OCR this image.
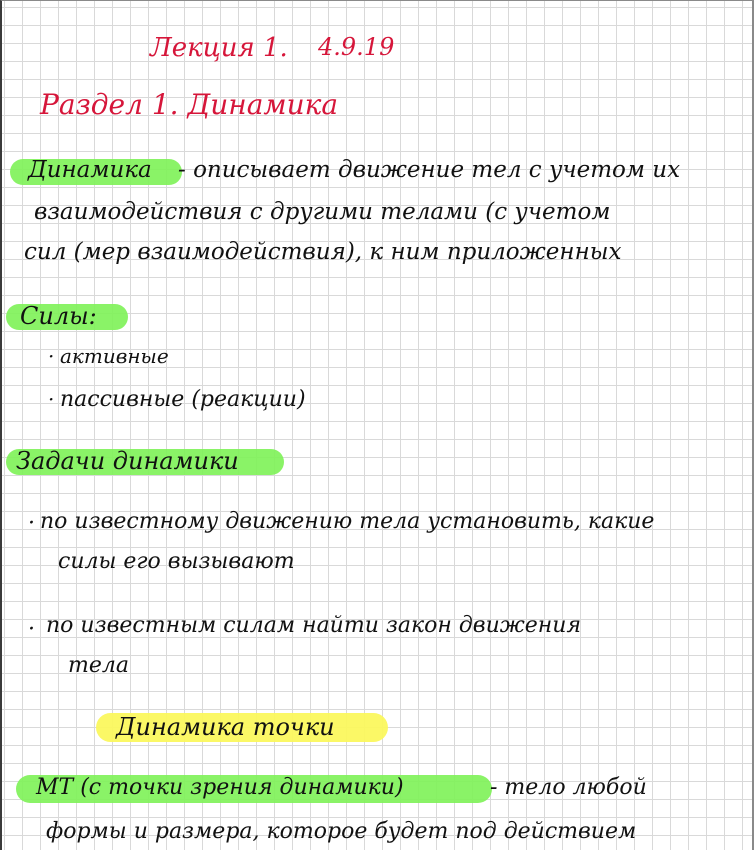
Лекция 1. 4.9.19
Раздел 1. Динамика
Динамика - описывает движение тел с учетом их
взаимодействия с другими телами (с учетом
сил (мер взаимодействия), к ним приложенных
Силы:
· активные
· пассивные (реакции)
Задачи динамики
· по известному движению тела установить, какие
силы его вызывают
· по известным силам найти закон движения
тела
Динамика точки
МТ (с точки зрения динамики)	- тело любой
формы и размера, которое будет под действием
